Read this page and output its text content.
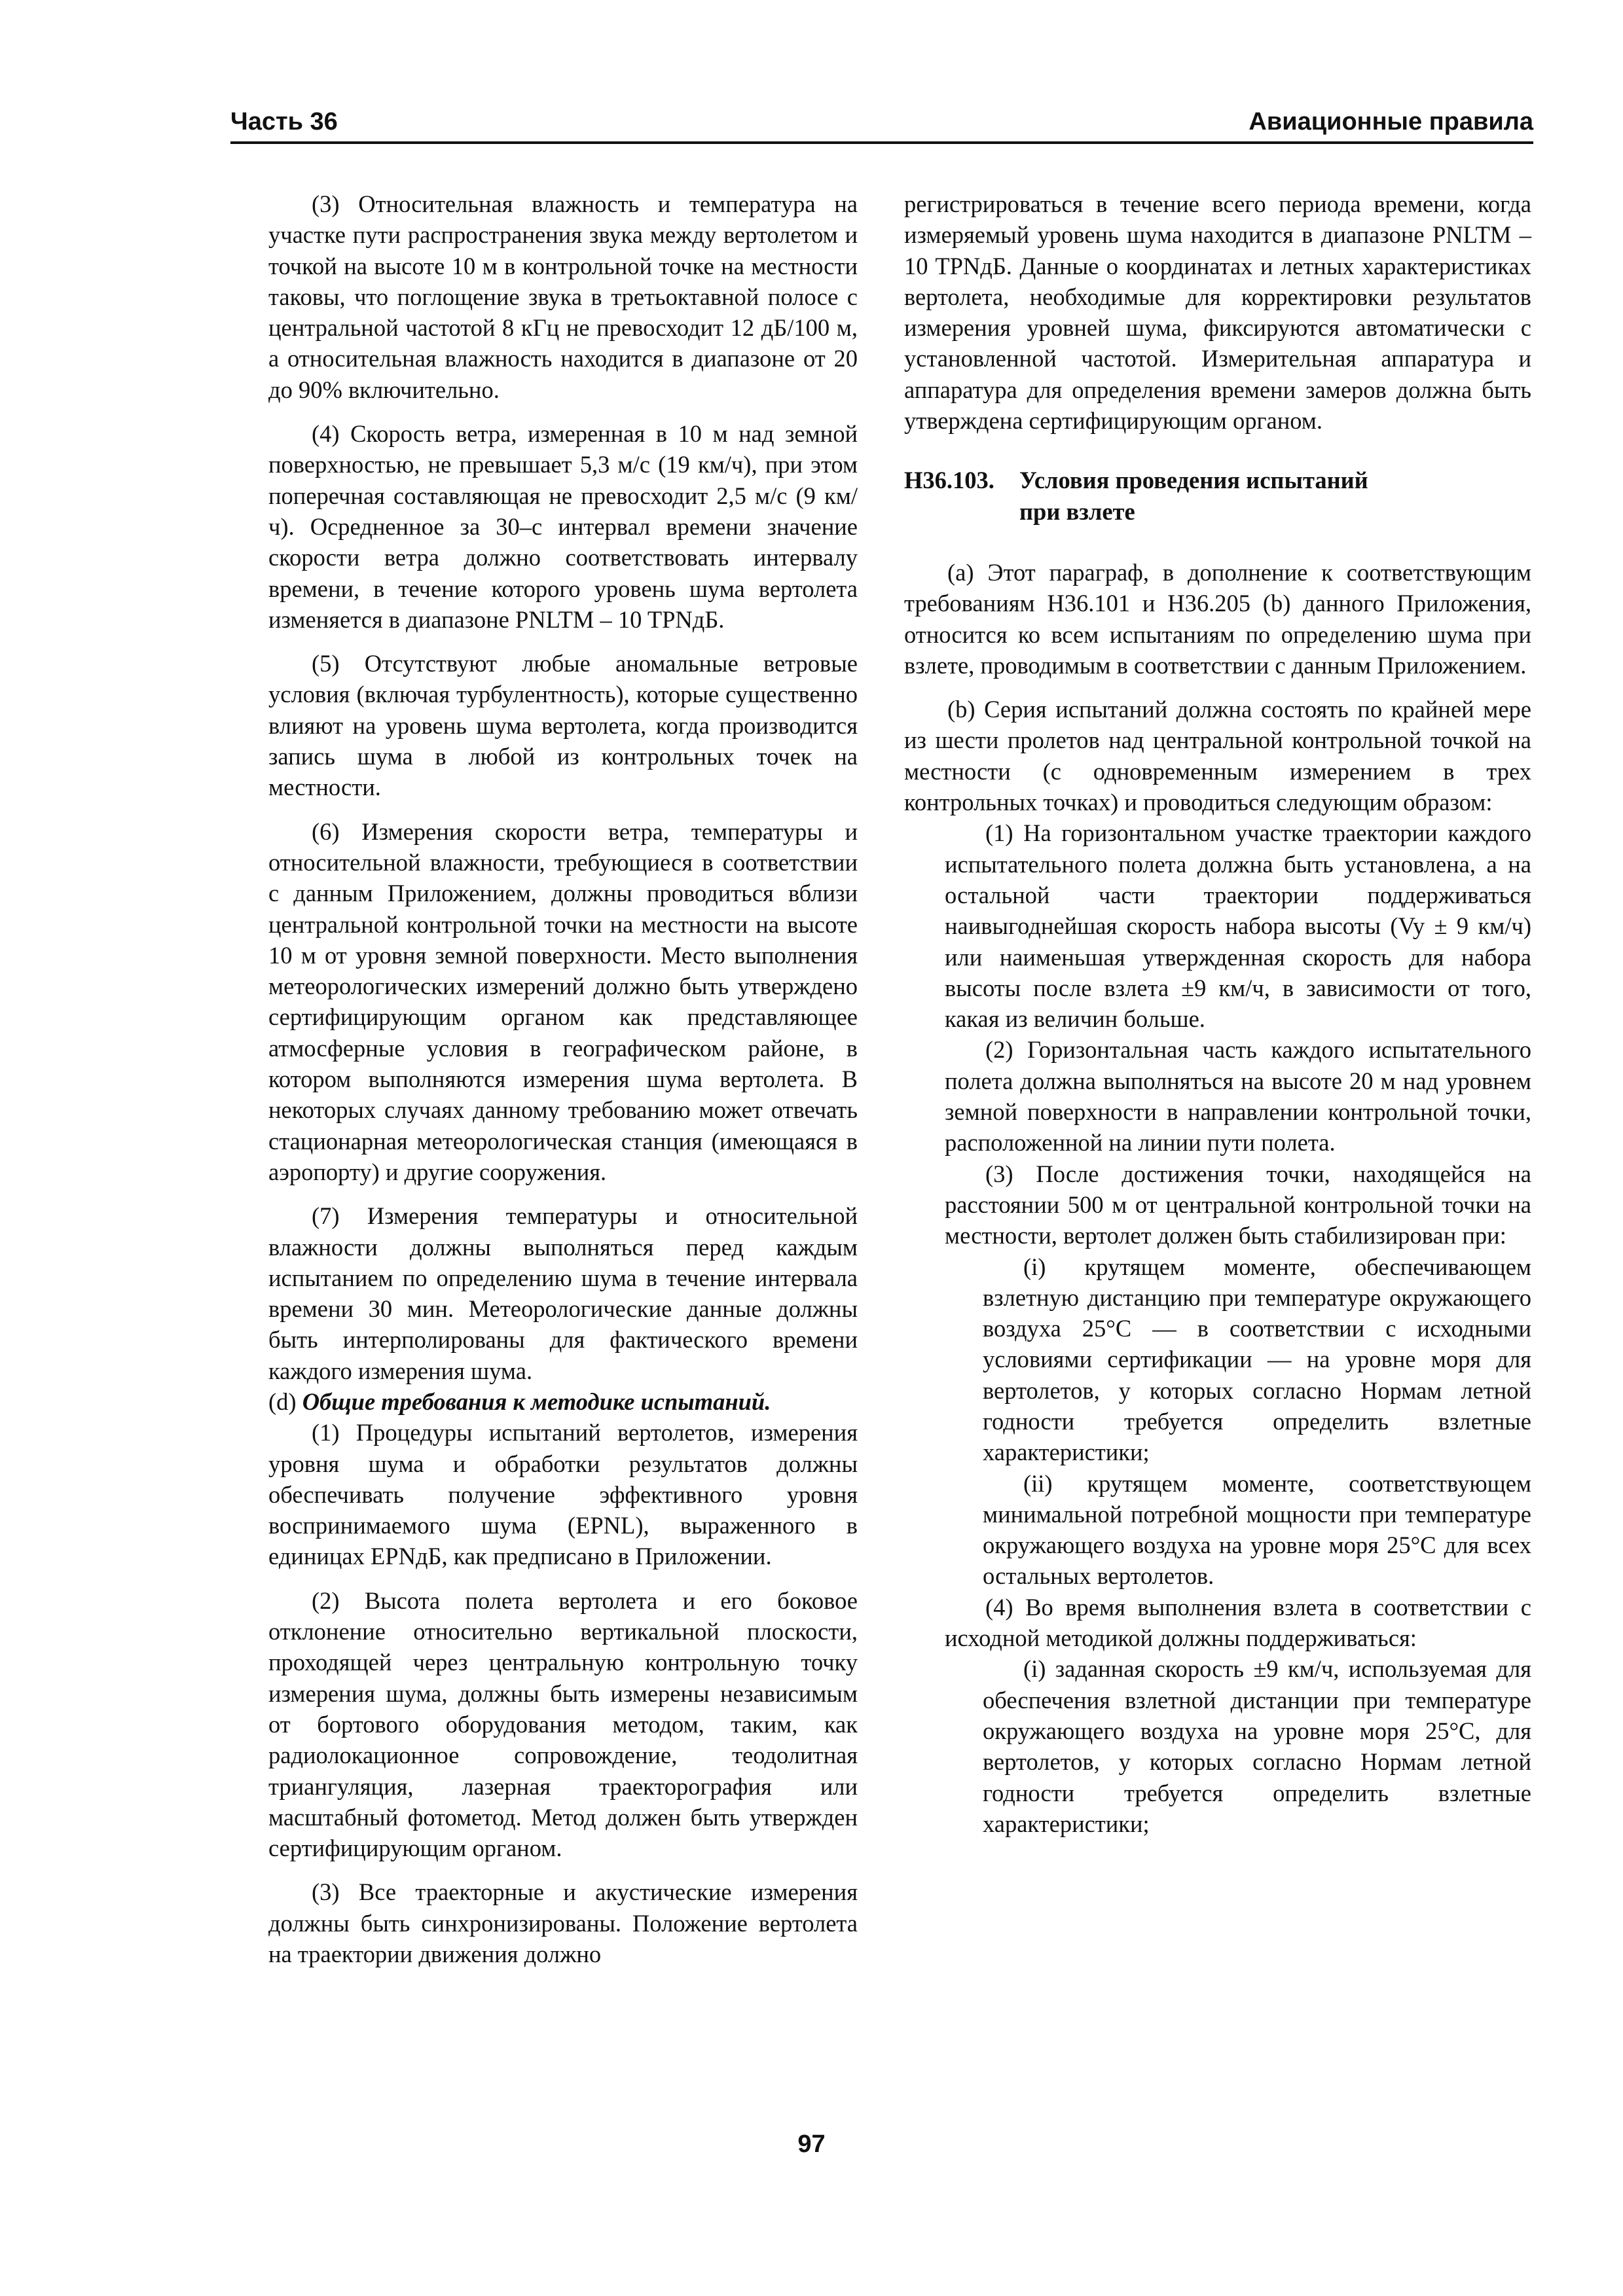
Часть 36	Авиационные правила

(3) Относительная влажность и температура на участке пути распространения звука между вертолетом и точкой на высоте 10 м в контрольной точке на местности таковы, что поглощение звука в третьоктавной полосе с центральной частотой 8 кГц не превосходит 12 дБ/100 м, а относительная влажность находится в диапазоне от 20 до 90% включительно.

(4) Скорость ветра, измеренная в 10 м над земной поверхностью, не превышает 5,3 м/с (19 км/ч), при этом поперечная составляющая не превосходит 2,5 м/с (9 км/ч). Осредненное за 30–с интервал времени значение скорости ветра должно соответствовать интервалу времени, в течение которого уровень шума вертолета изменяется в диапазоне PNLTM – 10 TPNдБ.

(5) Отсутствуют любые аномальные ветровые условия (включая турбулентность), которые существенно влияют на уровень шума вертолета, когда производится запись шума в любой из контрольных точек на местности.

(6) Измерения скорости ветра, температуры и относительной влажности, требующиеся в соответствии с данным Приложением, должны проводиться вблизи центральной контрольной точки на местности на высоте 10 м от уровня земной поверхности. Место выполнения метеорологических измерений должно быть утверждено сертифицирующим органом как представляющее атмосферные условия в географическом районе, в котором выполняются измерения шума вертолета. В некоторых случаях данному требованию может отвечать стационарная метеорологическая станция (имеющаяся в аэропорту) и другие сооружения.

(7) Измерения температуры и относительной влажности должны выполняться перед каждым испытанием по определению шума в течение интервала времени 30 мин. Метеорологические данные должны быть интерполированы для фактического времени каждого измерения шума.

(d) Общие требования к методике испытаний.

(1) Процедуры испытаний вертолетов, измерения уровня шума и обработки результатов должны обеспечивать получение эффективного уровня воспринимаемого шума (EPNL), выраженного в единицах EPNдБ, как предписано в Приложении.

(2) Высота полета вертолета и его боковое отклонение относительно вертикальной плоскости, проходящей через центральную контрольную точку измерения шума, должны быть измерены независимым от бортового оборудования методом, таким, как радиолокационное сопровождение, теодолитная триангуляция, лазерная траекторография или масштабный фотометод. Метод должен быть утвержден сертифицирующим органом.

(3) Все траекторные и акустические измерения должны быть синхронизированы. Положение вертолета на траектории движения должно

регистрироваться в течение всего периода времени, когда измеряемый уровень шума находится в диапазоне PNLTM – 10 TPNдБ. Данные о координатах и летных характеристиках вертолета, необходимые для корректировки результатов измерения уровней шума, фиксируются автоматически с установленной частотой. Измерительная аппаратура и аппаратура для определения времени замеров должна быть утверждена сертифицирующим органом.

Н36.103. Условия проведения испытаний
при взлете

(a) Этот параграф, в дополнение к соответствующим требованиям Н36.101 и Н36.205 (b) данного Приложения, относится ко всем испытаниям по определению шума при взлете, проводимым в соответствии с данным Приложением.

(b) Серия испытаний должна состоять по крайней мере из шести пролетов над центральной контрольной точкой на местности (с одновременным измерением в трех контрольных точках) и проводиться следующим образом:

(1) На горизонтальном участке траектории каждого испытательного полета должна быть установлена, а на остальной части траектории поддерживаться наивыгоднейшая скорость набора высоты (Vy ± 9 км/ч) или наименьшая утвержденная скорость для набора высоты после взлета ±9 км/ч, в зависимости от того, какая из величин больше.

(2) Горизонтальная часть каждого испытательного полета должна выполняться на высоте 20 м над уровнем земной поверхности в направлении контрольной точки, расположенной на линии пути полета.

(3) После достижения точки, находящейся на расстоянии 500 м от центральной контрольной точки на местности, вертолет должен быть стабилизирован при:

(i) крутящем моменте, обеспечивающем взлетную дистанцию при температуре окружающего воздуха 25°С — в соответствии с исходными условиями сертификации — на уровне моря для вертолетов, у которых согласно Нормам летной годности требуется определить взлетные характеристики;

(ii) крутящем моменте, соответствующем минимальной потребной мощности при температуре окружающего воздуха на уровне моря 25°С для всех остальных вертолетов.

(4) Во время выполнения взлета в соответствии с исходной методикой должны поддерживаться:

(i) заданная скорость ±9 км/ч, используемая для обеспечения взлетной дистанции при температуре окружающего воздуха на уровне моря 25°С, для вертолетов, у которых согласно Нормам летной годности требуется определить взлетные характеристики;

97
